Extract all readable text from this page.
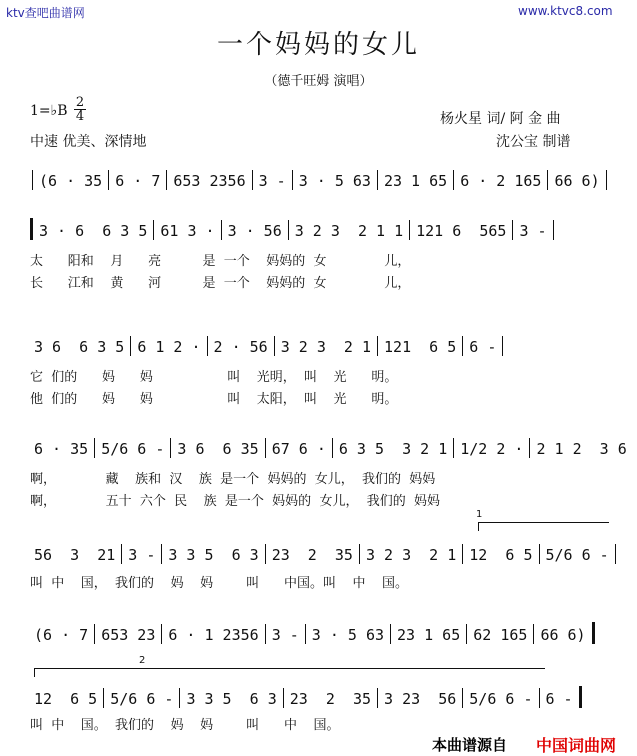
ktv查吧曲谱网	www.ktvc8.com
一个妈妈的女儿
（德千旺姆 演唱）
1=♭B
2
4	杨火星 词/ 阿 金 曲
中速 优美、深情地	沈公宝 制谱
(6 · 35 6 · 7 653 2356 3 - 3 · 5 63 23 1 65 6 · 2 165 66 6)
3 · 6  6 3 5 61 3 · 3 · 56 3 2 3  2 1 1 121 6  565 3 -
太      阳和    月      亮          是  一个    妈妈的  女              儿，
长      江和    黄      河          是  一个    妈妈的  女              儿，
3 6  6 3 5 6 1 2 · 2 · 56 3 2 3  2 1 121  6 5 6 -
它  们的      妈      妈                  叫    光明，  叫    光      明。
他  们的      妈      妈                  叫    太阳，  叫    光      明。
6 · 35 5/6 6 - 3 6  6 35 67 6 · 6 3 5  3 2 1 1/2 2 · 2 1 2  3 6
啊，            藏    族和  汉    族  是一个  妈妈的  女儿，  我们的  妈妈
啊，            五十  六个  民    族  是一个  妈妈的  女儿，  我们的  妈妈
1
56  3  21 3 - 3 3 5  6 3 23  2  35 3 2 3  2 1 12  6 5 5/6 6 -
叫  中    国，  我们的    妈    妈        叫      中国。叫    中    国。
(6 · 7 653 23 6 · 1 2356 3 - 3 · 5 63 23 1 65 62 165 66 6)
2
12  6 5 5/6 6 - 3 3 5  6 3 23  2  35 3 23  56 5/6 6 - 6 -
叫  中    国。  我们的    妈    妈        叫      中    国。
本曲谱源自 中国词曲网
